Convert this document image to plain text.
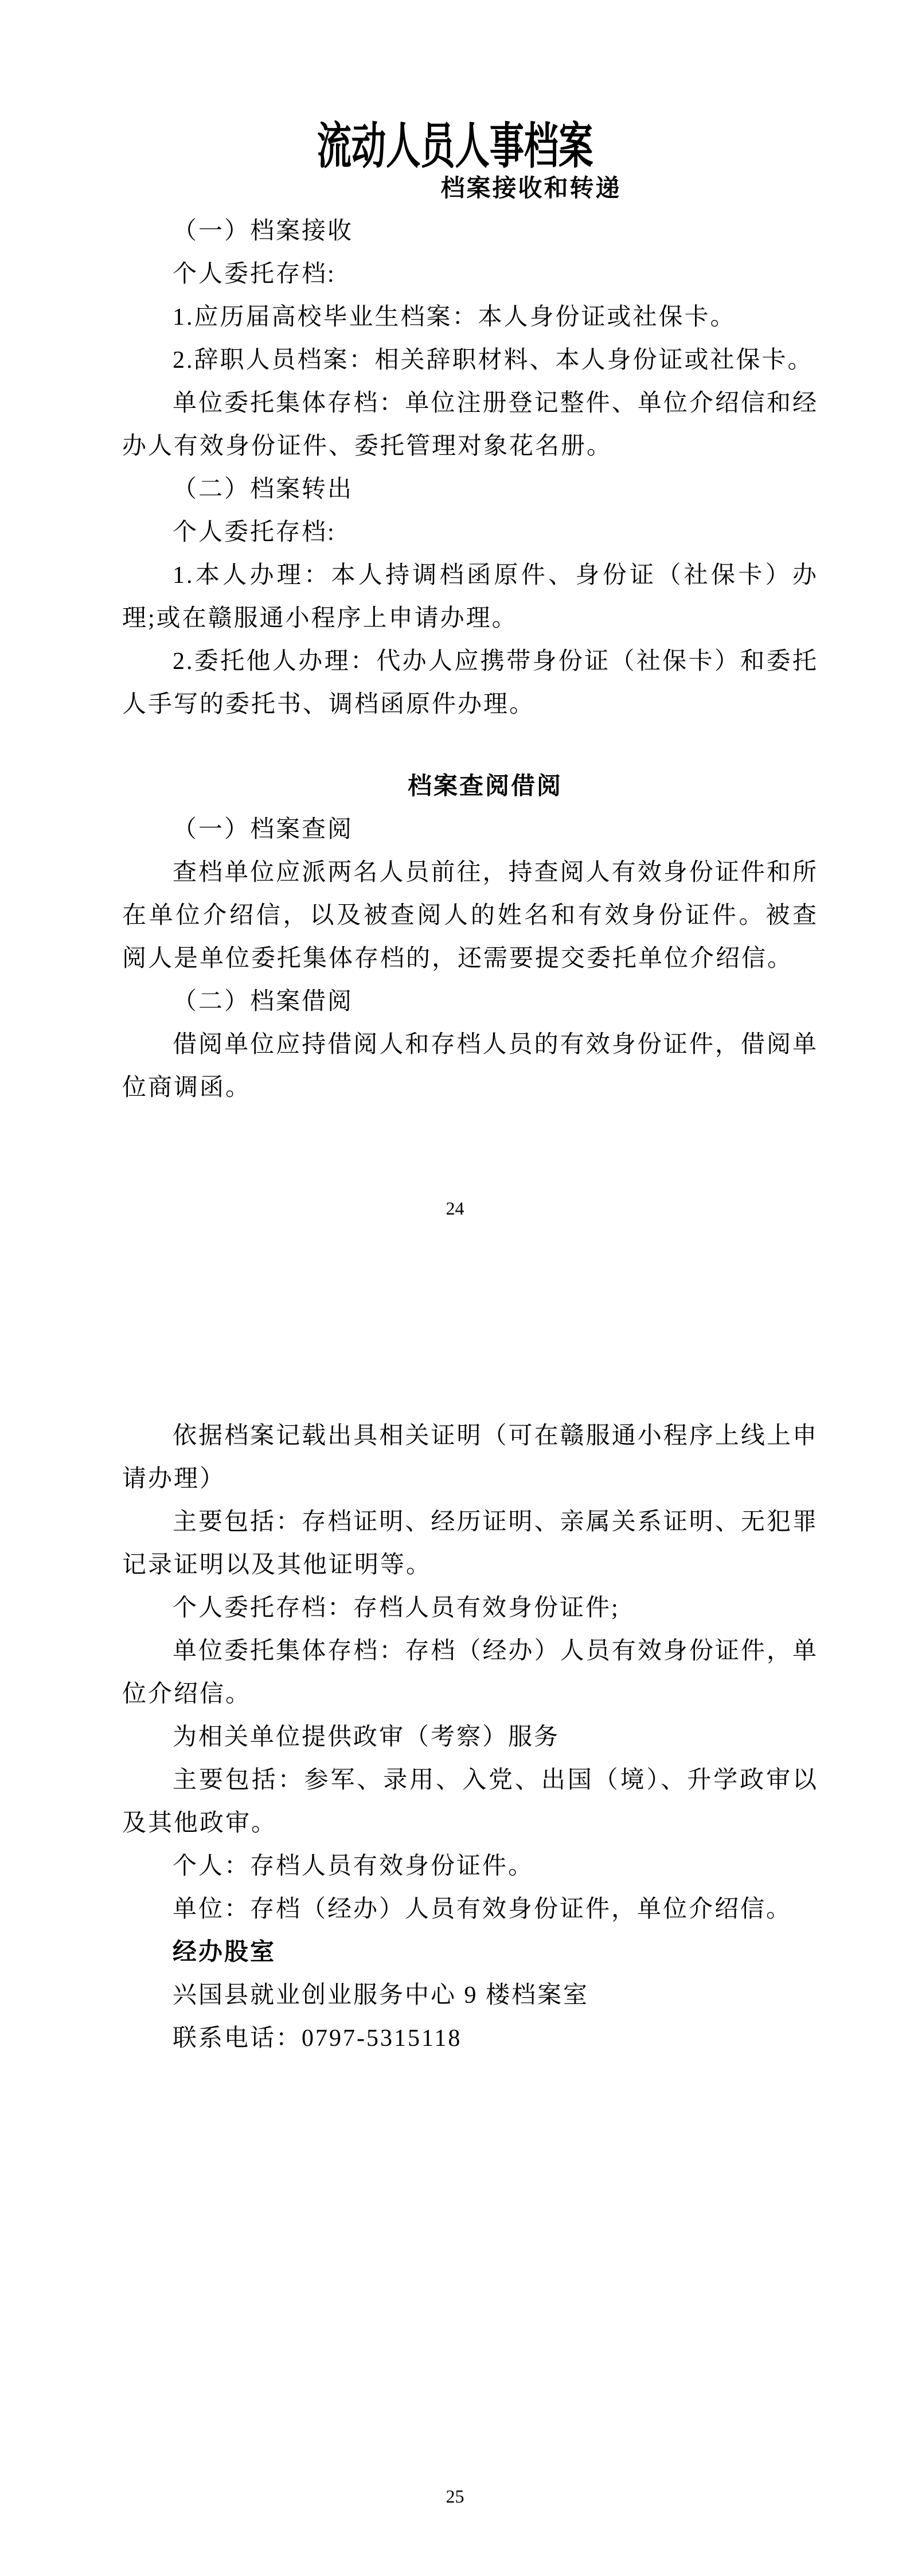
流动人员人事档案
档案接收和转递

（一）档案接收

个人委托存档:

1.应历届高校毕业生档案：本人身份证或社保卡。

2.辞职人员档案：相关辞职材料、本人身份证或社保卡。

单位委托集体存档：单位注册登记整件、单位介绍信和经办人有效身份证件、委托管理对象花名册。

（二）档案转出

个人委托存档:

1.本人办理：本人持调档函原件、身份证（社保卡）办理;或在赣服通小程序上申请办理。

2.委托他人办理：代办人应携带身份证（社保卡）和委托人手写的委托书、调档函原件办理。

档案查阅借阅

（一）档案查阅

查档单位应派两名人员前往，持查阅人有效身份证件和所在单位介绍信，以及被查阅人的姓名和有效身份证件。被查阅人是单位委托集体存档的，还需要提交委托单位介绍信。

（二）档案借阅

借阅单位应持借阅人和存档人员的有效身份证件，借阅单位商调函。

24

依据档案记载出具相关证明（可在赣服通小程序上线上申请办理）

主要包括：存档证明、经历证明、亲属关系证明、无犯罪记录证明以及其他证明等。

个人委托存档：存档人员有效身份证件;

单位委托集体存档：存档（经办）人员有效身份证件，单位介绍信。

为相关单位提供政审（考察）服务

主要包括：参军、录用、入党、出国（境）、升学政审以及其他政审。

个人：存档人员有效身份证件。

单位：存档（经办）人员有效身份证件，单位介绍信。

经办股室

兴国县就业创业服务中心 9 楼档案室

联系电话：0797-5315118

25
